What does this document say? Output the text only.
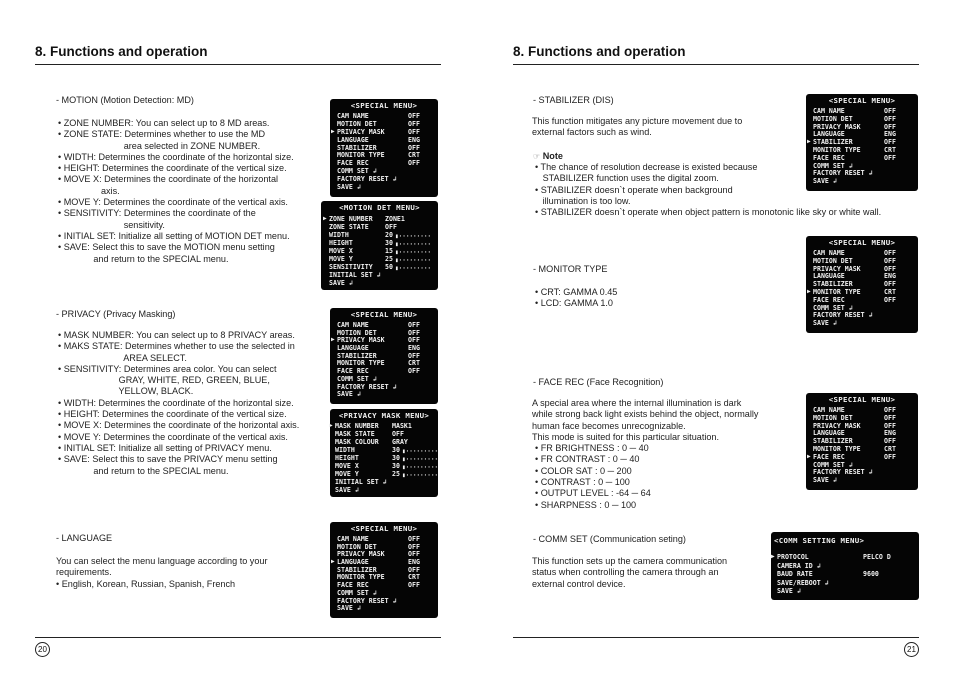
8. Functions and operation
- MOTION (Motion Detection: MD)

• ZONE NUMBER: You can select up to 8 MD areas.

• ZONE STATE: Determines whether to use the MD

area selected in ZONE NUMBER.

• WIDTH: Determines the coordinate of the horizontal size.

• HEIGHT: Determines the coordinate of the vertical size.

• MOVE X: Determines the coordinate of the horizontal

axis.

• MOVE Y: Determines the coordinate of the vertical axis.

• SENSITIVITY: Determines the coordinate of the

sensitivity.

• INITIAL SET: Initialize all setting of MOTION DET menu.

• SAVE: Select this to save the MOTION menu setting

and return to the SPECIAL menu.

- PRIVACY (Privacy Masking)

• MASK NUMBER: You can select up to 8 PRIVACY areas.

• MAKS STATE: Determines whether to use the selected in

AREA SELECT.

• SENSITIVITY: Determines area color. You can select

GRAY, WHITE, RED, GREEN, BLUE,

YELLOW, BLACK.

• WIDTH: Determines the coordinate of the horizontal size.

• HEIGHT: Determines the coordinate of the vertical size.

• MOVE X: Determines the coordinate of the horizontal axis.

• MOVE Y: Determines the coordinate of the vertical axis.

• INITIAL SET: Initialize all setting of PRIVACY menu.

• SAVE: Select this to save the PRIVACY menu setting

and return to the SPECIAL menu.

- LANGUAGE

You can select the menu language according to your

requirements.

• English, Korean, Russian, Spanish, French

<SPECIAL MENU>
CAM NAME	OFF
MOTION DET	OFF
▶ PRIVACY MASK	OFF
LANGUAGE	ENG
STABILIZER	OFF
MONITOR TYPE	CRT
FACE REC	OFF
COMM SET ↲
FACTORY RESET ↲
SAVE ↲
<MOTION DET MENU>
▶ ZONE NUMBER ZONE1
ZONE STATE OFF
WIDTH	20 ▮·········
HEIGHT	30 ▮·········
MOVE X	15 ▮·········
MOVE Y	25 ▮·········
SENSITIVITY 50 ▮·········
INITIAL SET ↲
SAVE ↲
<SPECIAL MENU>
CAM NAME	OFF
MOTION DET	OFF
▶ PRIVACY MASK	OFF
LANGUAGE	ENG
STABILIZER	OFF
MONITOR TYPE	CRT
FACE REC	OFF
COMM SET ↲
FACTORY RESET ↲
SAVE ↲
<PRIVACY MASK MENU>
▶ MASK NUMBER MASK1
MASK STATE	OFF
MASK COLOUR GRAY
WIDTH	30 ▮·········
HEIGHT	30 ▮·········
MOVE X	30 ▮·········
MOVE Y	25 ▮·········
INITIAL SET ↲
SAVE ↲
<SPECIAL MENU>
CAM NAME	OFF
MOTION DET	OFF
PRIVACY MASK	OFF
▶ LANGUAGE	ENG
STABILIZER	OFF
MONITOR TYPE	CRT
FACE REC	OFF
COMM SET ↲
FACTORY RESET ↲
SAVE ↲
20
8. Functions and operation
- STABILIZER (DIS)

This function mitigates any picture movement due to

external factors such as wind.

☞ Note

• The chance of resolution decrease is existed because

STABILIZER function uses the digital zoom.

• STABILIZER doesn`t operate when background

illumination is too low.

• STABILIZER doesn`t operate when object pattern is monotonic like sky or white wall.

- MONITOR TYPE

• CRT: GAMMA 0.45

• LCD: GAMMA 1.0

- FACE REC (Face Recognition)

A special area where the internal illumination is dark

while strong back light exists behind the object, normally

human face becomes unrecognizable.

This mode is suited for this particular situation.

• FR BRIGHTNESS : 0 ─ 40

• FR CONTRAST : 0 ─ 40

• COLOR SAT : 0 ─ 200

• CONTRAST : 0 ─ 100

• OUTPUT LEVEL : -64 ─ 64

• SHARPNESS : 0 ─ 100

- COMM SET (Communication seting)

This function sets up the camera communication

status when controlling the camera through an

external control device.

<SPECIAL MENU>
CAM NAME	OFF
MOTION DET	OFF
PRIVACY MASK	OFF
LANGUAGE	ENG
▶ STABILIZER	OFF
MONITOR TYPE	CRT
FACE REC	OFF
COMM SET ↲
FACTORY RESET ↲
SAVE ↲
<SPECIAL MENU>
CAM NAME	OFF
MOTION DET	OFF
PRIVACY MASK	OFF
LANGUAGE	ENG
STABILIZER	OFF
▶ MONITOR TYPE	CRT
FACE REC	OFF
COMM SET ↲
FACTORY RESET ↲
SAVE ↲
<SPECIAL MENU>
CAM NAME	OFF
MOTION DET	OFF
PRIVACY MASK	OFF
LANGUAGE	ENG
STABILIZER	OFF
MONITOR TYPE	CRT
▶ FACE REC	OFF
COMM SET ↲
FACTORY RESET ↲
SAVE ↲
<COMM SETTING MENU>
▶ PROTOCOL	PELCO D
CAMERA ID ↲
BAUD RATE	9600
SAVE/REBOOT ↲
SAVE ↲
21
